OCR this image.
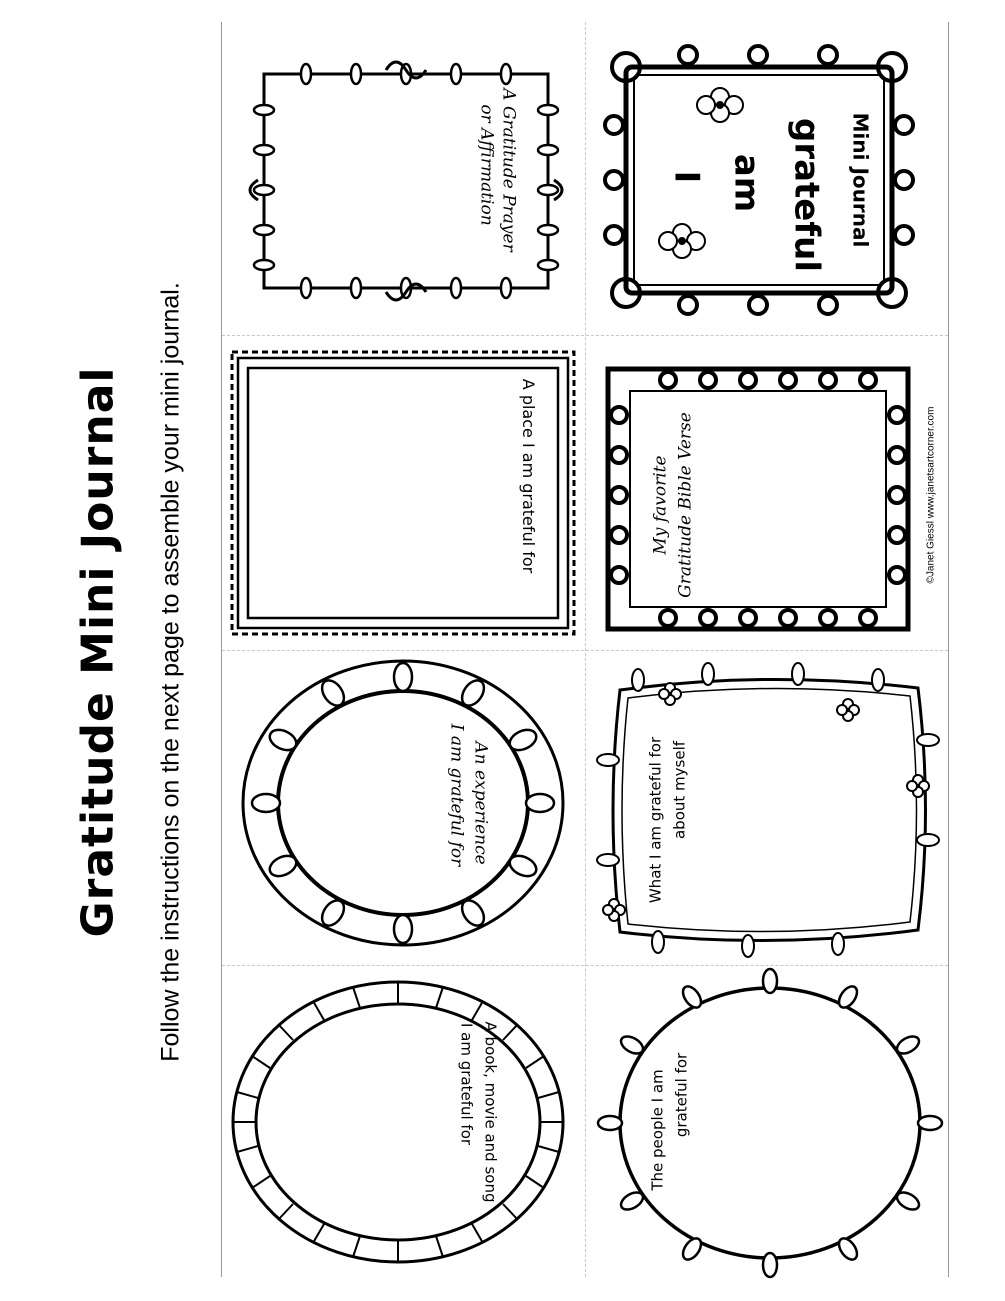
Gratitude Mini Journal Follow the instructions on the next page to assemble your mini journal.
I am grateful Mini Journal
My favorite Gratitude Bible Verse	©Janet Giessl www.janetsartcorner.com
What I am grateful for about myself
The people I am grateful for
A Gratitude Prayer
or Affirmation
A place I am grateful for
An experience
I am grateful for
A book, movie and song
I am grateful for
